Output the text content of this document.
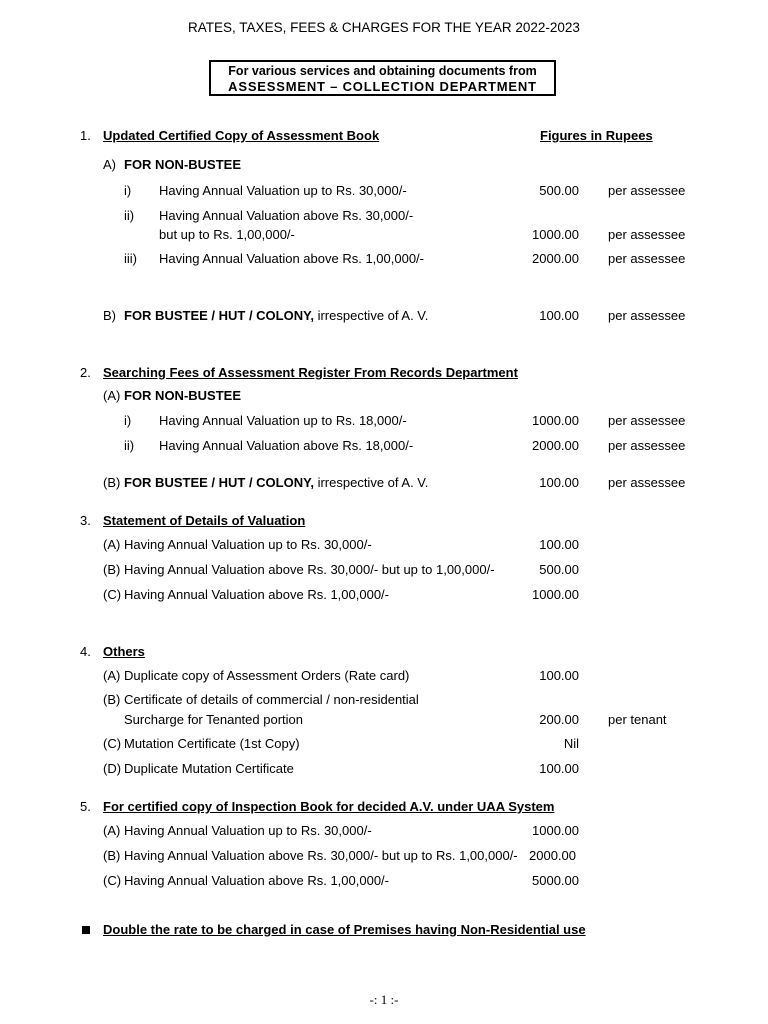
RATES, TAXES, FEES & CHARGES FOR THE YEAR 2022-2023
For various services and obtaining documents from
ASSESSMENT – COLLECTION DEPARTMENT
1. Updated Certified Copy of Assessment Book	Figures in Rupees
A) FOR NON-BUSTEE
i) Having Annual Valuation up to Rs. 30,000/-	500.00 per assessee
ii) Having Annual Valuation above Rs. 30,000/-
but up to Rs. 1,00,000/-	1000.00 per assessee
iii) Having Annual Valuation above Rs. 1,00,000/-	2000.00 per assessee
B) FOR BUSTEE / HUT / COLONY, irrespective of A. V.	100.00 per assessee
2. Searching Fees of Assessment Register From Records Department
(A) FOR NON-BUSTEE
i) Having Annual Valuation up to Rs. 18,000/-	1000.00 per assessee
ii) Having Annual Valuation above Rs. 18,000/-	2000.00 per assessee
(B) FOR BUSTEE / HUT / COLONY, irrespective of A. V.	100.00 per assessee
3. Statement of Details of Valuation
(A) Having Annual Valuation up to Rs. 30,000/-	100.00
(B) Having Annual Valuation above Rs. 30,000/- but up to 1,00,000/-	500.00
(C) Having Annual Valuation above Rs. 1,00,000/-	1000.00
4. Others
(A) Duplicate copy of Assessment Orders (Rate card)	100.00
(B) Certificate of details of commercial / non-residential
Surcharge for Tenanted portion	200.00 per tenant
(C) Mutation Certificate (1st Copy)	Nil
(D) Duplicate Mutation Certificate	100.00
5. For certified copy of Inspection Book for decided A.V. under UAA System
(A) Having Annual Valuation up to Rs. 30,000/-	1000.00
(B) Having Annual Valuation above Rs. 30,000/- but up to Rs. 1,00,000/- 2000.00
(C) Having Annual Valuation above Rs. 1,00,000/-	5000.00
Double the rate to be charged in case of Premises having Non-Residential use
-: 1 :-
